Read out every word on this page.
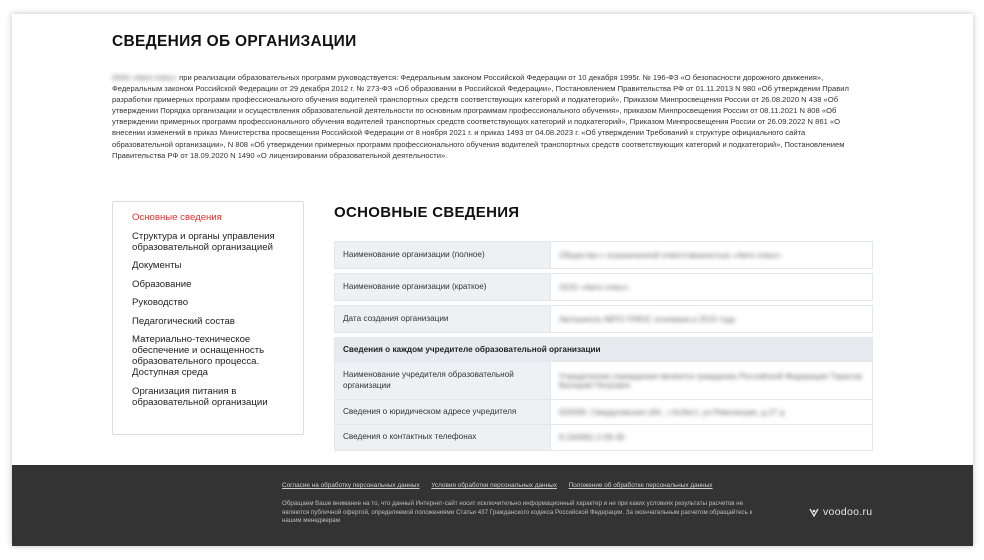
СВЕДЕНИЯ ОБ ОРГАНИЗАЦИИ
ООО «Авто плюс» при реализации образовательных программ руководствуется: Федеральным законом Российской Федерации от 10 декабря 1995г. № 196-ФЗ «О безопасности дорожного движения», Федеральным законом Российской Федерации от 29 декабря 2012 г. № 273-ФЗ «Об образовании в Российской Федерации», Постановлением Правительства РФ от 01.11.2013 N 980 «Об утверждении Правил разработки примерных программ профессионального обучения водителей транспортных средств соответствующих категорий и подкатегорий», Приказом Минпросвещения России от 26.08.2020 N 438 «Об утверждении Порядка организации и осуществления образовательной деятельности по основным программам профессионального обучения», приказом Минпросвещения России от 08.11.2021 N 808 «Об утверждении примерных программ профессионального обучения водителей транспортных средств соответствующих категорий и подкатегорий», Приказом Минпросвещения России от 26.09.2022 N 861 «О внесении изменений в приказ Министерства просвещения Российской Федерации от 8 ноября 2021 г. и приказ 1493 от 04.08.2023 г. «Об утверждении Требований к структуре официального сайта образовательной организации», N 808 «Об утверждении примерных программ профессионального обучения водителей транспортных средств соответствующих категорий и подкатегорий», Постановлением Правительства РФ от 18.09.2020 N 1490 «О лицензировании образовательной деятельности».
Основные сведения
Структура и органы управления образовательной организацией
Документы
Образование
Руководство
Педагогический состав
Материально-техническое обеспечение и оснащенность образовательного процесса. Доступная среда
Организация питания в образовательной организации
ОСНОВНЫЕ СВЕДЕНИЯ
Наименование организации (полное)	Общество с ограниченной ответственностью «Авто плюс»

Наименование организации (краткое)	ООО «Авто плюс»

Дата создания организации	Автошкола АВТО ПЛЮС основана в 2015 году

Сведения о каждом учредителе образовательной организации	
Наименование учредителя образовательной организации	Учредителем учреждения является гражданин Российской Федерации Тарасов Валерий Петрович
Сведения о юридическом адресе учредителя	620000, Свердловская обл., г.Асбест, ул.Революции, д.27 д
Сведения о контактных телефонах	8 (34365) 2-09-30
Согласие на обработку персональных данных Условия обработки персональных данных Положение об обработке персональных данных
Обращаем Ваше внимание на то, что данный Интернет-сайт носит исключительно информационный характер и ни при каких условиях результаты расчетов не являются публичной офертой, определяемой положениями Статьи 437 Гражданского кодекса Российской Федерации. За окончательным расчетом обращайтесь к нашим менеджерам
voodoo.ru
